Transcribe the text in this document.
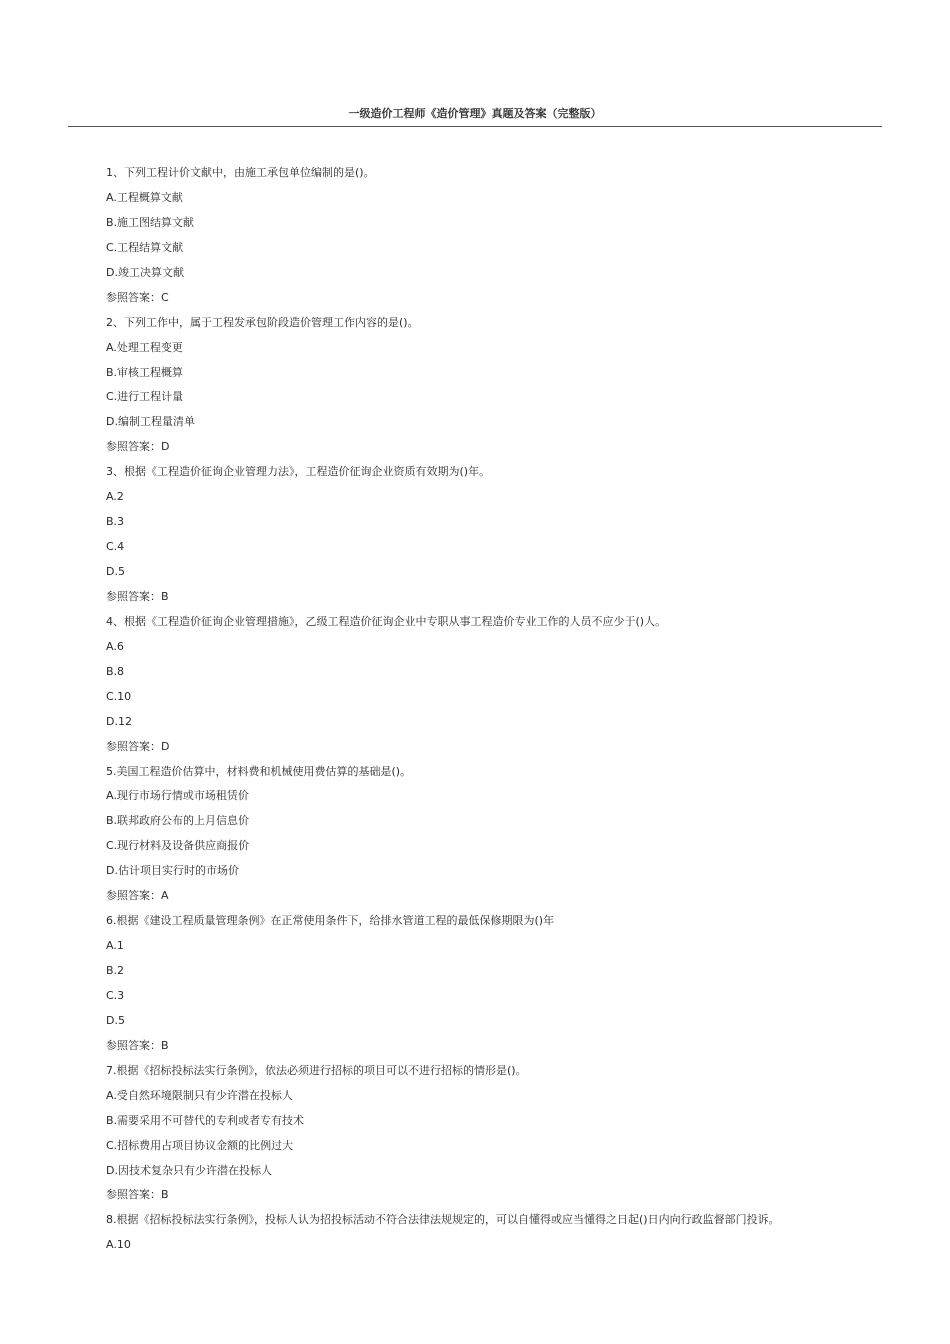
一级造价工程师《造价管理》真题及答案（完整版）
1、下列工程计价文献中，由施工承包单位编制的是()。
A.工程概算文献
B.施工图结算文献
C.工程结算文献
D.竣工决算文献
参照答案：C
2、下列工作中，属于工程发承包阶段造价管理工作内容的是()。
A.处理工程变更
B.审核工程概算
C.进行工程计量
D.编制工程量清单
参照答案：D
3、根据《工程造价征询企业管理力法》，工程造价征询企业资质有效期为()年。
A.2
B.3
C.4
D.5
参照答案：B
4、根据《工程造价征询企业管理措施》，乙级工程造价征询企业中专职从事工程造价专业工作的人员不应少于()人。
A.6
B.8
C.10
D.12
参照答案：D
5.美国工程造价估算中，材料费和机械使用费估算的基础是()。
A.现行市场行情或市场租赁价
B.联邦政府公布的上月信息价
C.现行材料及设备供应商报价
D.估计项目实行时的市场价
参照答案：A
6.根据《建设工程质量管理条例》在正常使用条件下，给排水管道工程的最低保修期限为()年
A.1
B.2
C.3
D.5
参照答案：B
7.根据《招标投标法实行条例》，依法必须进行招标的项目可以不进行招标的情形是()。
A.受自然环境限制只有少许潜在投标人
B.需要采用不可替代的专利或者专有技术
C.招标费用占项目协议金额的比例过大
D.因技术复杂只有少许潜在投标人
参照答案：B
8.根据《招标投标法实行条例》，投标人认为招投标活动不符合法律法规规定的，可以自懂得或应当懂得之日起()日内向行政监督部门投诉。
A.10
